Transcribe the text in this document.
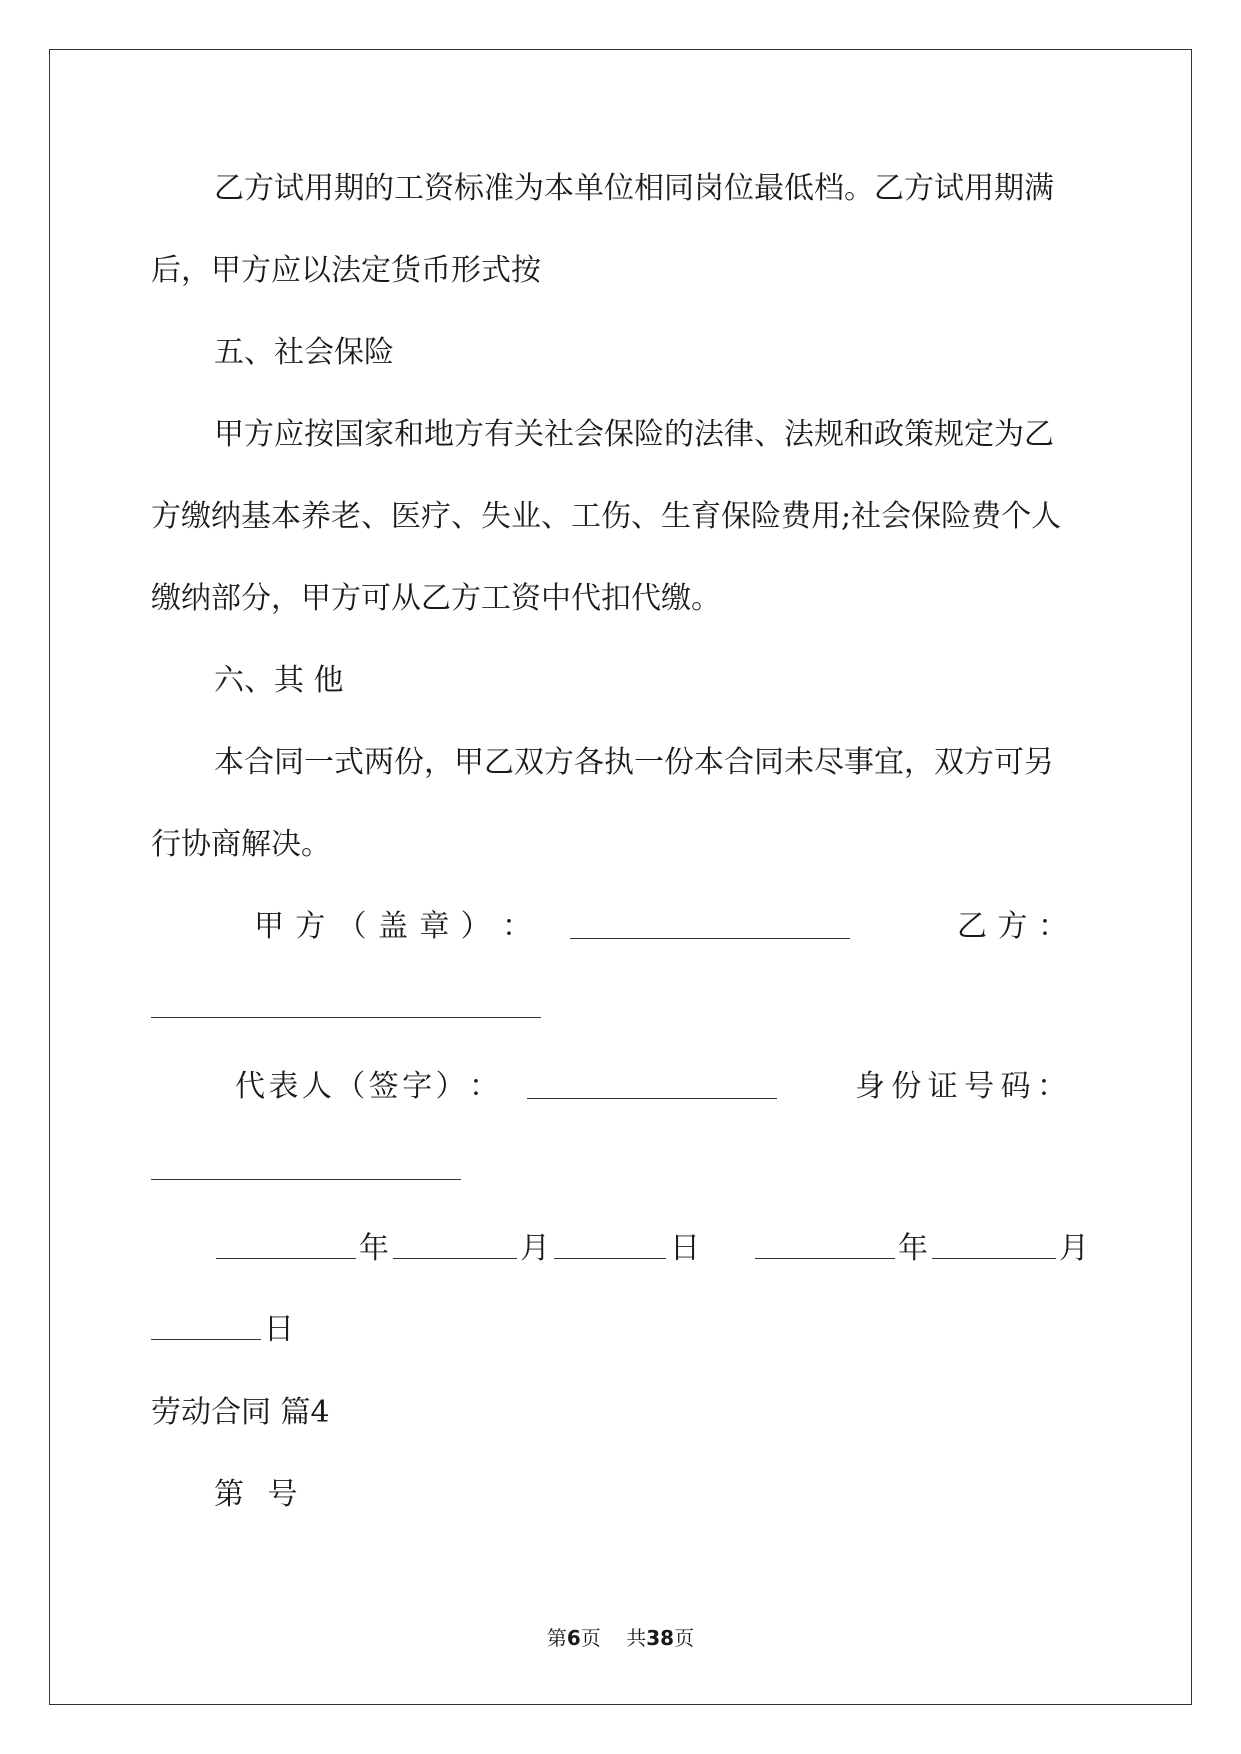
乙方试用期的工资标准为本单位相同岗位最低档。乙方试用期满
后，甲方应以法定货币形式按
五、社会保险
甲方应按国家和地方有关社会保险的法律、法规和政策规定为乙
方缴纳基本养老、医疗、失业、工伤、生育保险费用;社会保险费个人
缴纳部分，甲方可从乙方工资中代扣代缴。
六、其 他
本合同一式两份，甲乙双方各执一份本合同未尽事宜，双方可另
行协商解决。
甲 方 （ 盖 章 ） ：	乙 方 ：
代 表 人 （ 签 字 ） ：	身 份 证 号 码 ：
年	月	日	年	月
日
劳动合同 篇4
第 号
第6页 共38页
